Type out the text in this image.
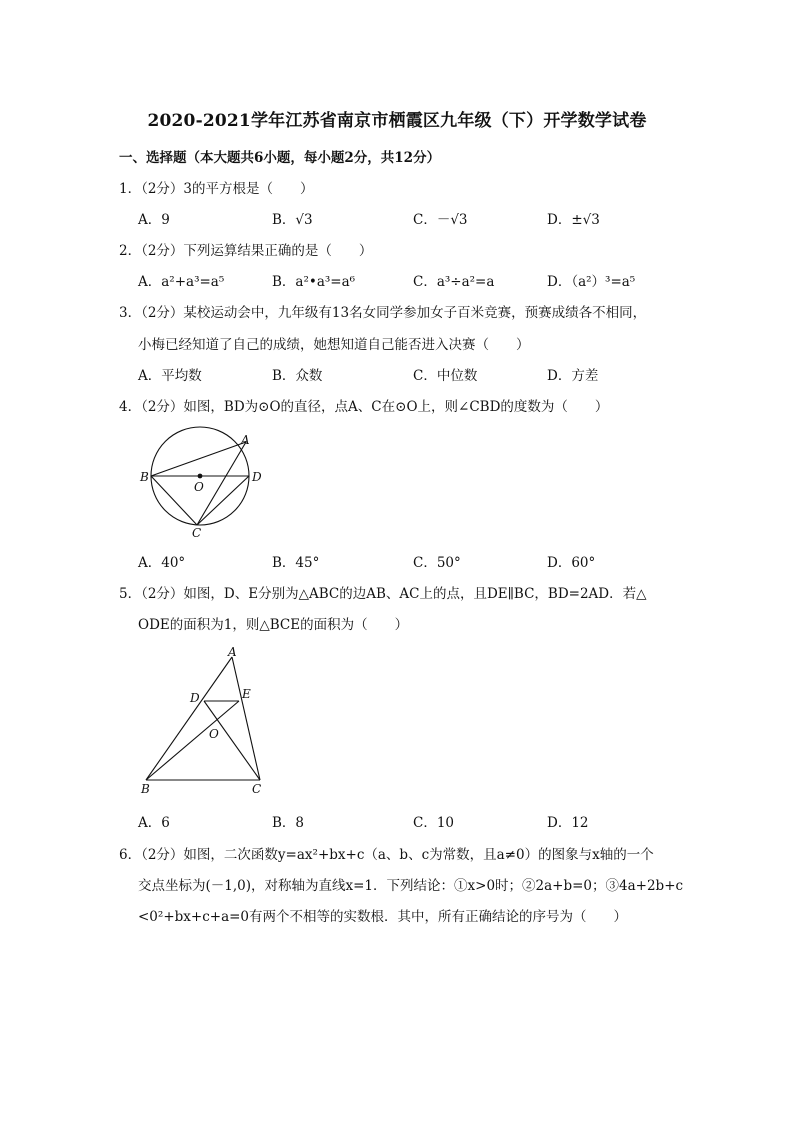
2020-2021学年江苏省南京市栖霞区九年级（下）开学数学试卷
一、选择题（本大题共6小题，每小题2分，共12分）
1．（2分）3的平方根是（　　）
A．9	B．√3	C．－√3	D．±√3
2．（2分）下列运算结果正确的是（　　）
A．a²+a³=a⁵	B．a²•a³=a⁶	C．a³÷a²=a	D．（a²）³=a⁵
3．（2分）某校运动会中，九年级有13名女同学参加女子百米竞赛，预赛成绩各不相同，
小梅已经知道了自己的成绩，她想知道自己能否进入决赛（　　）
A．平均数	B．众数	C．中位数	D．方差
4．（2分）如图，BD为⊙O的直径，点A、C在⊙O上，则∠CBD的度数为（　　）
A
B
O
D
C
A．40°	B．45°	C．50°	D．60°
5．（2分）如图，D、E分别为△ABC的边AB、AC上的点，且DE∥BC，BD=2AD．若△
ODE的面积为1，则△BCE的面积为（　　）
A
D	E
O
B	C
A．6	B．8	C．10	D．12
6．（2分）如图，二次函数y=ax²+bx+c（a、b、c为常数，且a≠0）的图象与x轴的一个
交点坐标为(－1,0)，对称轴为直线x=1．下列结论：①x>0时；②2a+b=0；③4a+2b+c
<0²+bx+c+a=0有两个不相等的实数根．其中，所有正确结论的序号为（　　）
